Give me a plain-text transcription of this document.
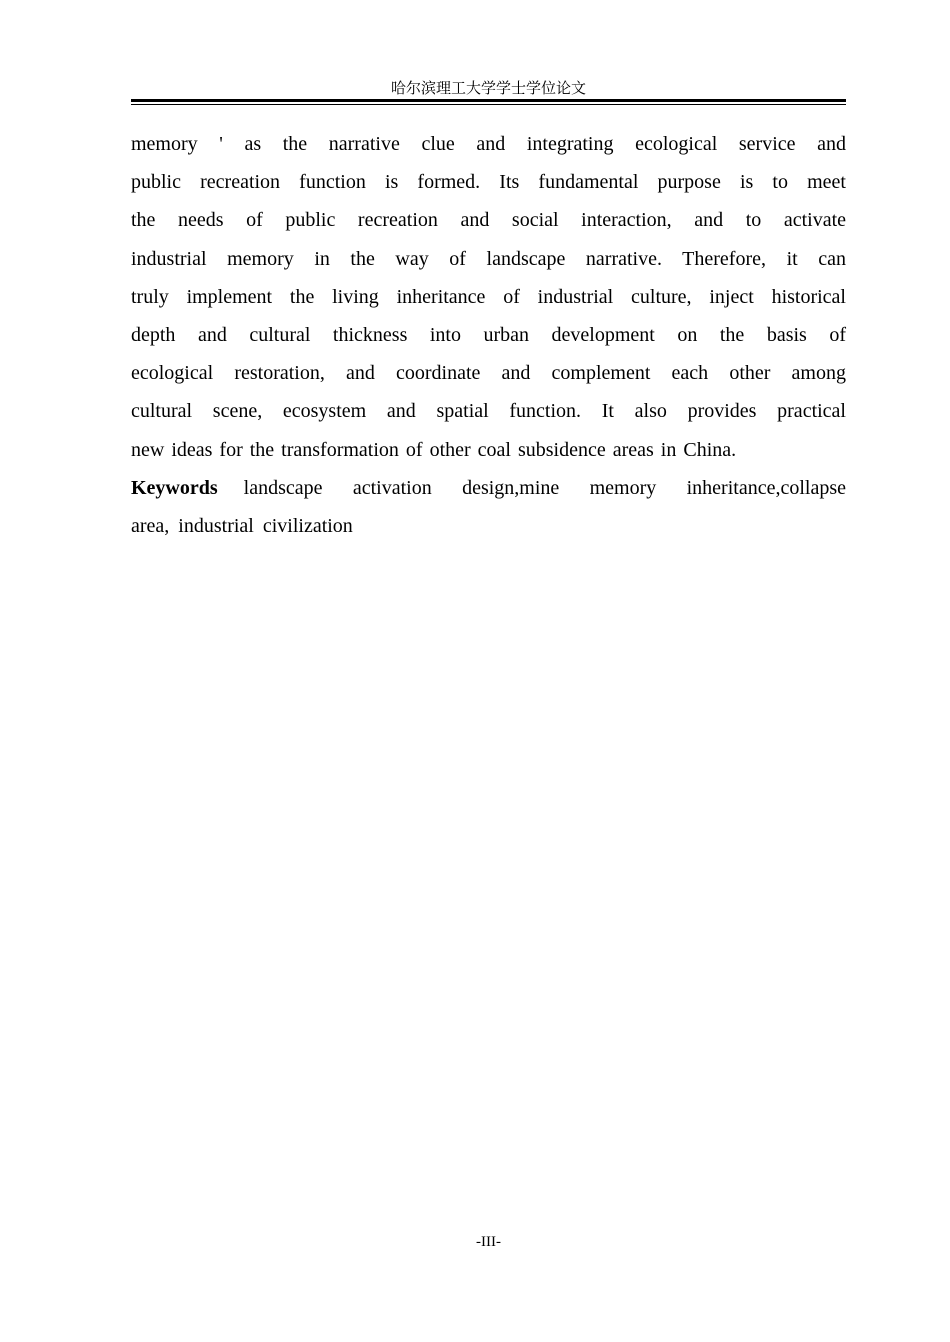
哈尔滨理工大学学士学位论文
memory ' as the narrative clue and integrating ecological service and
public recreation function is formed. Its fundamental purpose is to meet
the needs of public recreation and social interaction, and to activate
industrial memory in the way of landscape narrative. Therefore, it can
truly implement the living inheritance of industrial culture, inject historical
depth and cultural thickness into urban development on the basis of
ecological restoration, and coordinate and complement each other among
cultural scene, ecosystem and spatial function. It also provides practical
new ideas for the transformation of other coal subsidence areas in China.
Keywords landscape activation design,mine memory inheritance,collapse
area, industrial civilization
-III-
